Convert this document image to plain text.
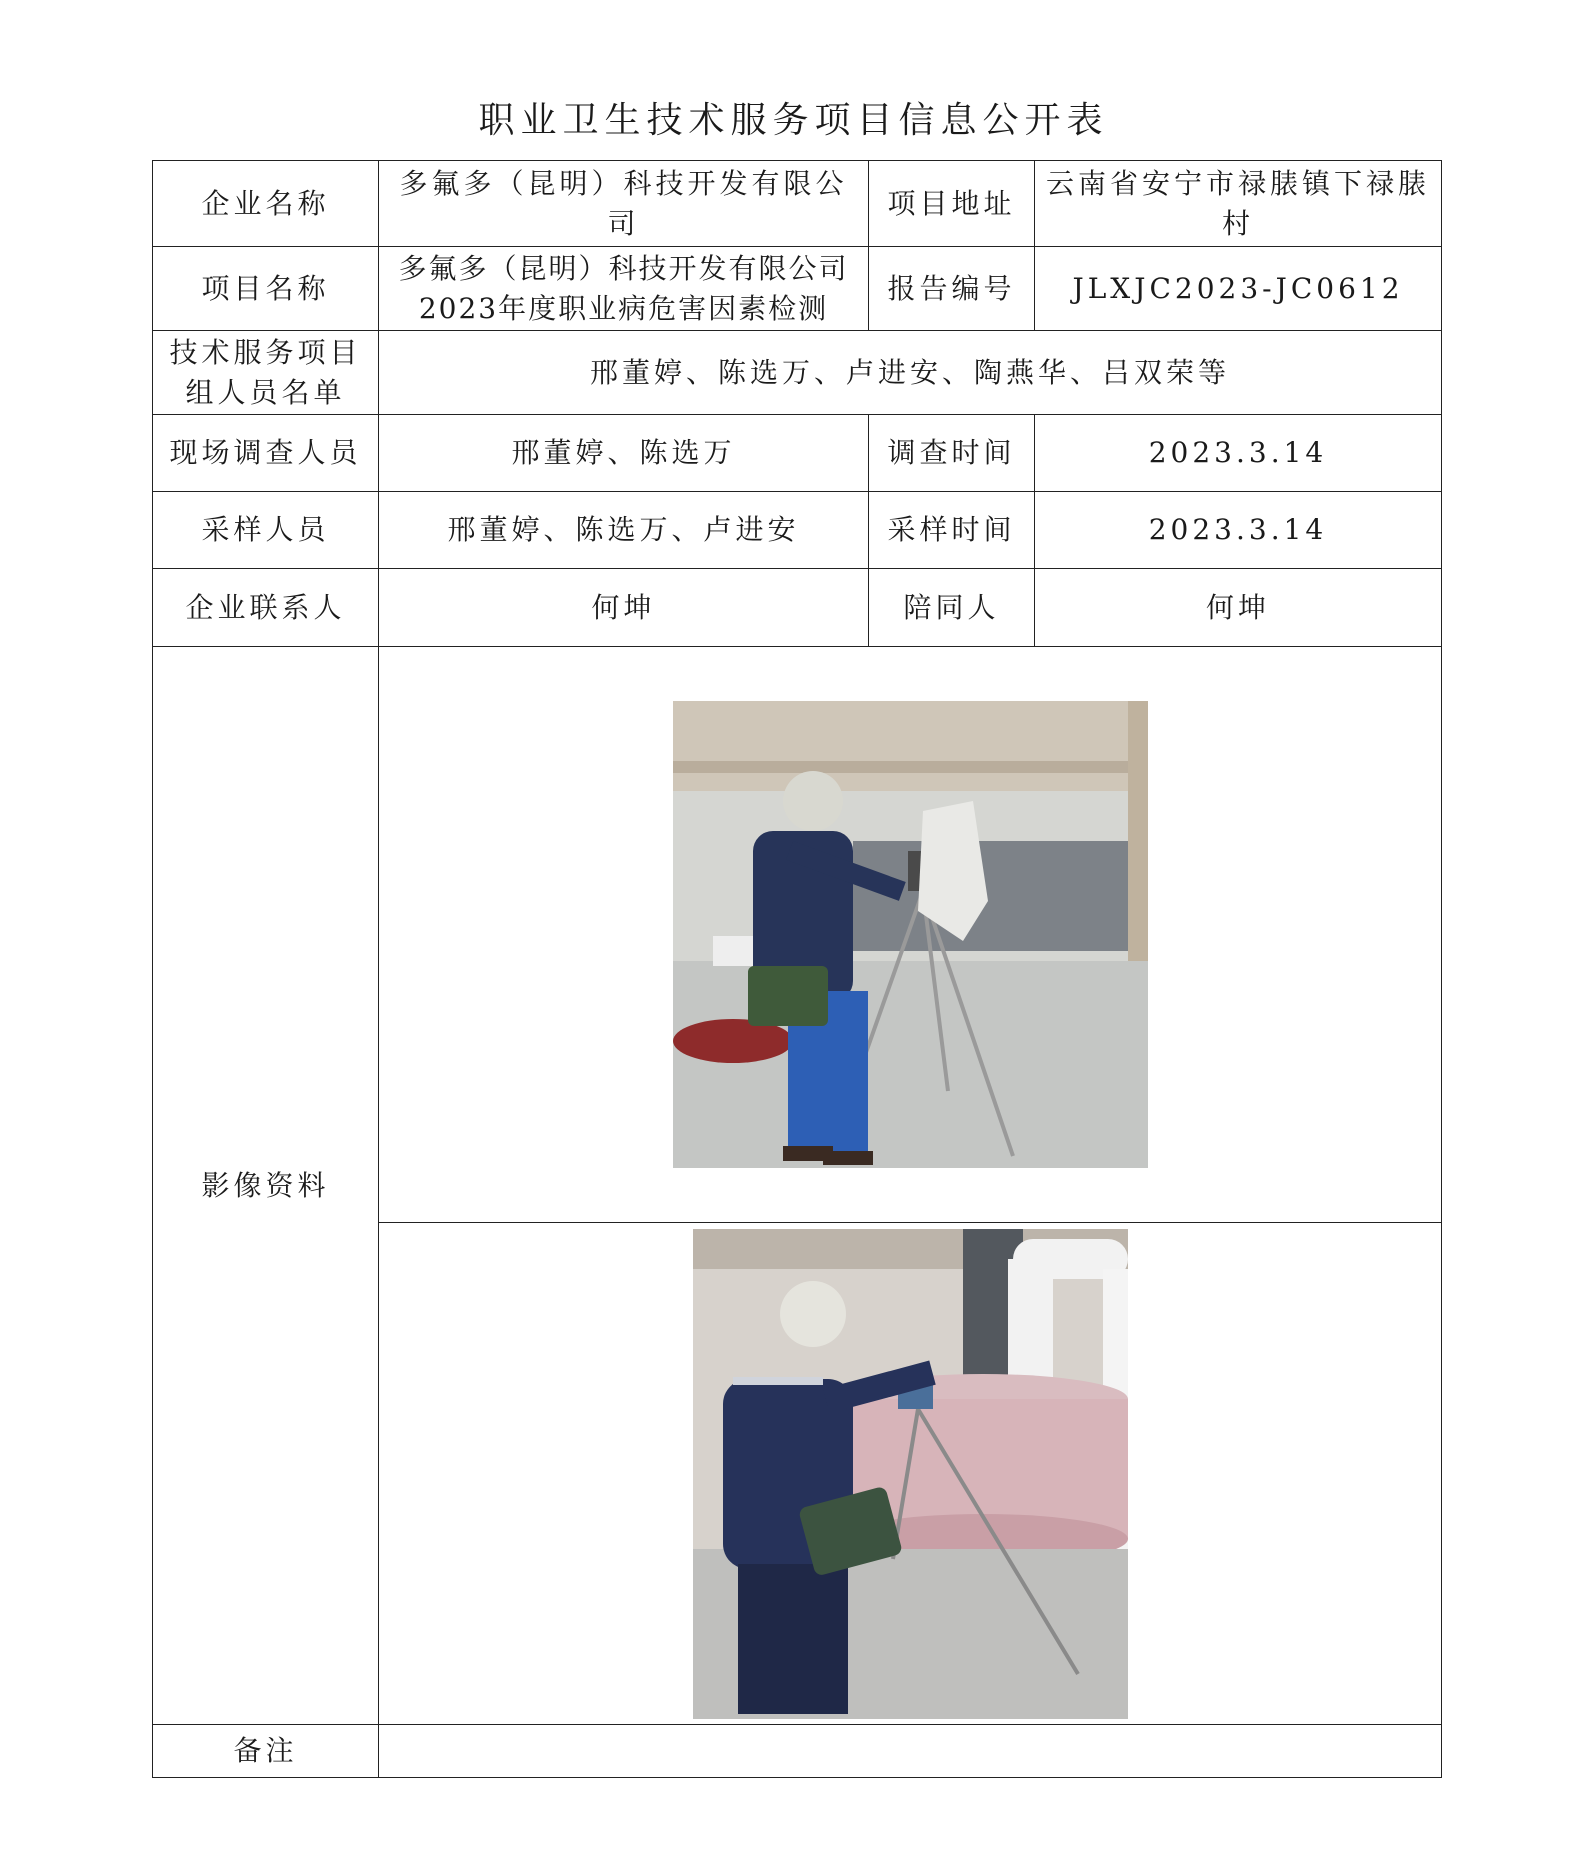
职业卫生技术服务项目信息公开表
企业名称	多氟多（昆明）科技开发有限公司	项目地址	云南省安宁市禄脿镇下禄脿村
项目名称	多氟多（昆明）科技开发有限公司2023年度职业病危害因素检测	报告编号	JLXJC2023-JC0612
技术服务项目组人员名单	邢董婷、陈选万、卢进安、陶燕华、吕双荣等		
现场调查人员	邢董婷、陈选万	调查时间	2023.3.14
采样人员	邢董婷、陈选万、卢进安	采样时间	2023.3.14
企业联系人	何坤	陪同人	何坤
影像资料	

备注			
